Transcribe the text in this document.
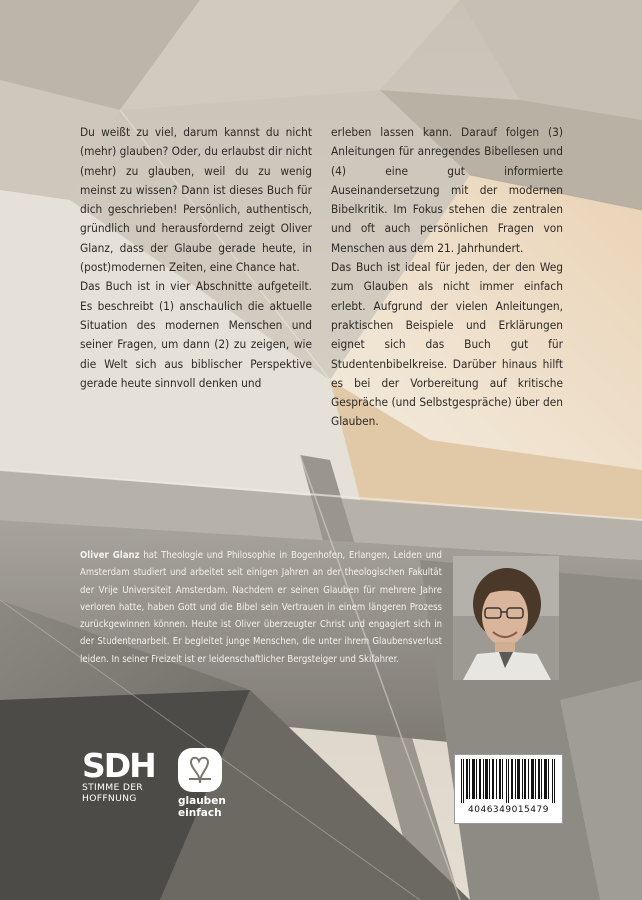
Du weißt zu viel, darum kannst du nicht (mehr) glauben? Oder, du erlaubst dir nicht (mehr) zu glauben, weil du zu wenig meinst zu wissen? Dann ist dieses Buch für dich geschrieben! Persönlich, authentisch, gründlich und herausfordernd zeigt Oliver Glanz, dass der Glaube gerade heute, in (post)modernen Zeiten, eine Chance hat.

Das Buch ist in vier Abschnitte aufgeteilt. Es beschreibt (1) anschaulich die aktuelle Situation des modernen Menschen und seiner Fragen, um dann (2) zu zeigen, wie die Welt sich aus biblischer Perspektive gerade heute sinnvoll denken und

erleben lassen kann. Darauf folgen (3) Anleitungen für anregendes Bibellesen und (4) eine gut informierte Auseinandersetzung mit der modernen Bibelkritik. Im Fokus stehen die zentralen und oft auch persönlichen Fragen von Menschen aus dem 21. Jahrhundert.

Das Buch ist ideal für jeden, der den Weg zum Glauben als nicht immer einfach erlebt. Aufgrund der vielen Anleitungen, praktischen Beispiele und Erklärungen eignet sich das Buch gut für Studentenbibelkreise. Darüber hinaus hilft es bei der Vorbereitung auf kritische Gespräche (und Selbstgespräche) über den Glauben.

Oliver Glanz hat Theologie und Philosophie in Bogenhofen, Erlangen, Leiden und Amsterdam studiert und arbeitet seit einigen Jahren an der theologischen Fakultät der Vrije Universiteit Amsterdam. Nachdem er seinen Glauben für mehrere Jahre verloren hatte, haben Gott und die Bibel sein Vertrauen in einem längeren Prozess zurückgewinnen können. Heute ist Oliver überzeugter Christ und engagiert sich in der Studentenarbeit. Er begleitet junge Menschen, die unter ihrem Glaubensverlust leiden. In seiner Freizeit ist er leidenschaftlicher Bergsteiger und Skifahrer.

SDH

STIMME DER

HOFFNUNG	glauben

einfach	4046349015479
